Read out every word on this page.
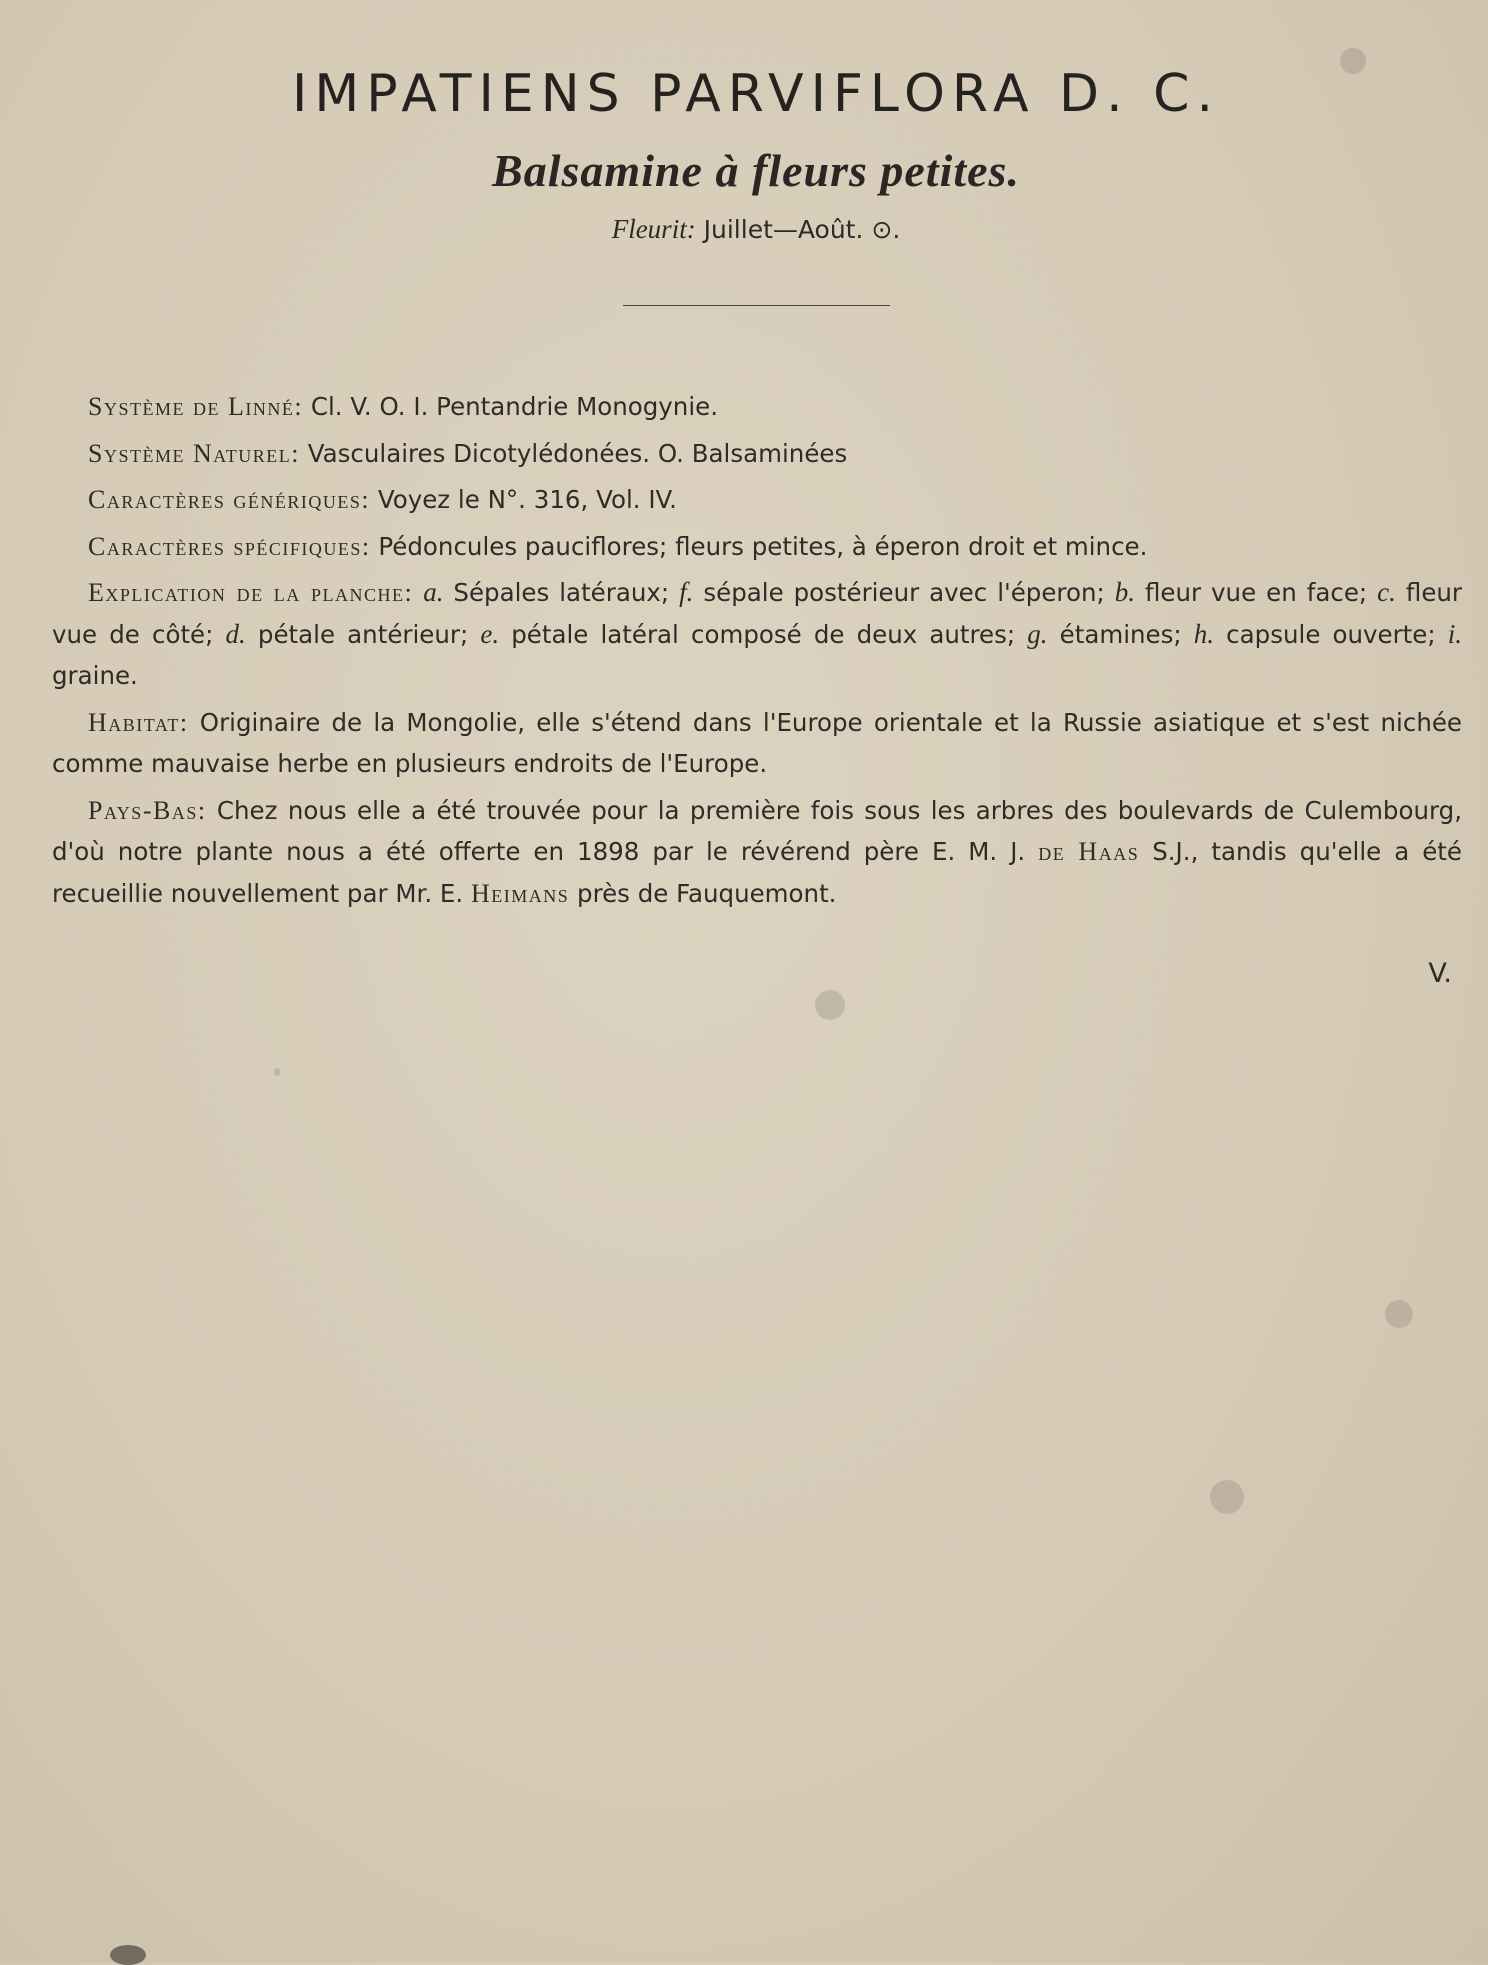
IMPATIENS PARVIFLORA D. C.
Balsamine à fleurs petites.
Fleurit: Juillet—Août. ⊙.

Système de Linné: Cl. V. O. I. Pentandrie Monogynie.

Système Naturel: Vasculaires Dicotylédonées. O. Balsaminées

Caractères génériques: Voyez le N°. 316, Vol. IV.

Caractères spécifiques: Pédoncules pauciflores; fleurs petites, à éperon droit et mince.

Explication de la planche: a. Sépales latéraux; f. sépale postérieur avec l'éperon; b. fleur vue en face; c. fleur vue de côté; d. pétale antérieur; e. pétale latéral composé de deux autres; g. étamines; h. capsule ouverte; i. graine.

Habitat: Originaire de la Mongolie, elle s'étend dans l'Europe orientale et la Russie asiatique et s'est nichée comme mauvaise herbe en plusieurs endroits de l'Europe.

Pays-Bas: Chez nous elle a été trouvée pour la première fois sous les arbres des boulevards de Culembourg, d'où notre plante nous a été offerte en 1898 par le révérend père E. M. J. de Haas S.J., tandis qu'elle a été recueillie nouvellement par Mr. E. Heimans près de Fauquemont.

V.
